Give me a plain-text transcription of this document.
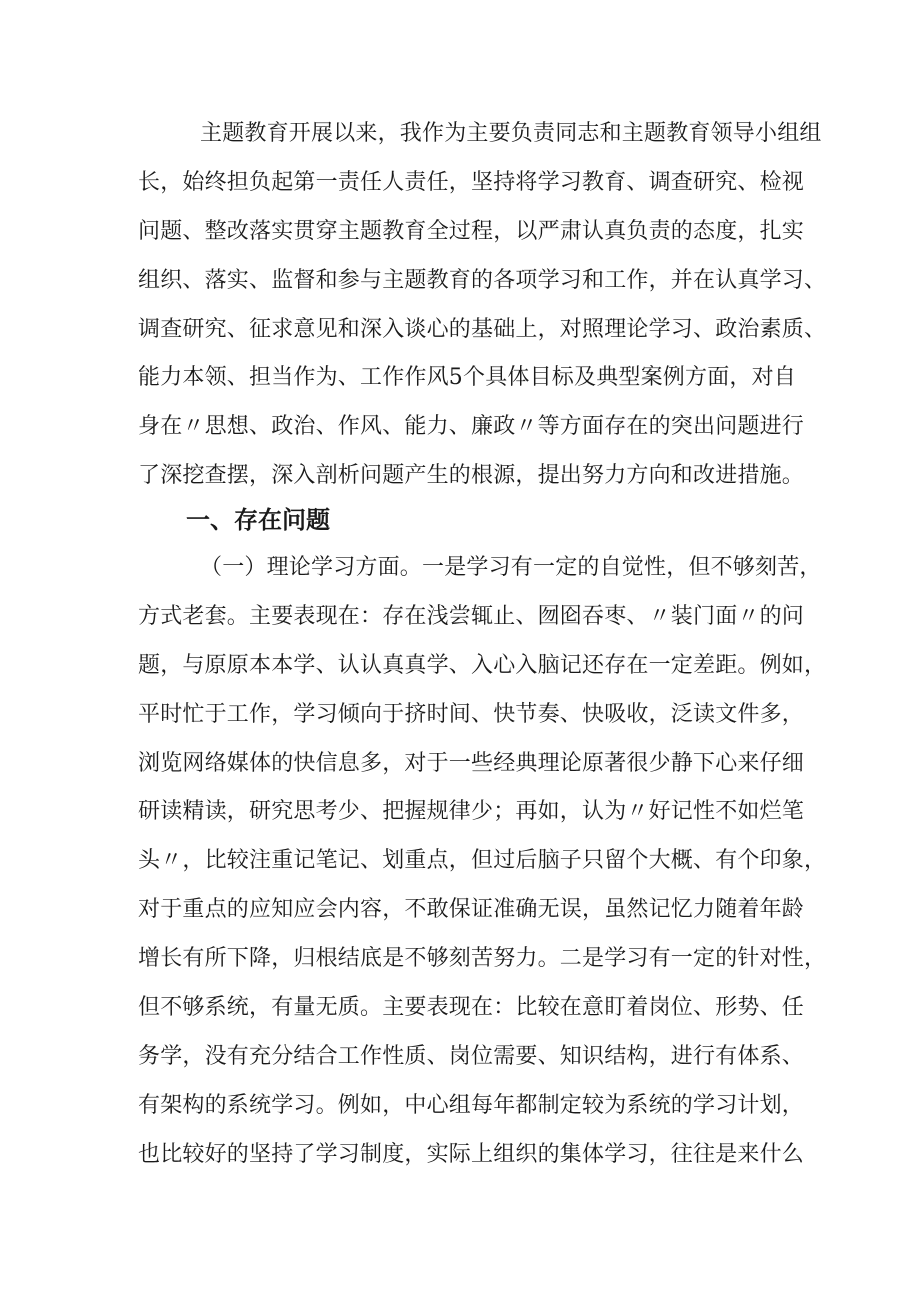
主题教育开展以来，我作为主要负责同志和主题教育领导小组组
长，始终担负起第一责任人责任，坚持将学习教育、调查研究、检视
问题、整改落实贯穿主题教育全过程，以严肃认真负责的态度，扎实
组织、落实、监督和参与主题教育的各项学习和工作，并在认真学习、
调查研究、征求意见和深入谈心的基础上，对照理论学习、政治素质、
能力本领、担当作为、工作作风5个具体目标及典型案例方面，对自
身在〃思想、政治、作风、能力、廉政〃等方面存在的突出问题进行
了深挖查摆，深入剖析问题产生的根源，提出努力方向和改进措施。
一、存在问题
（一）理论学习方面。一是学习有一定的自觉性，但不够刻苦，
方式老套。主要表现在：存在浅尝辄止、囫囵吞枣、〃装门面〃的问
题，与原原本本学、认认真真学、入心入脑记还存在一定差距。例如，
平时忙于工作，学习倾向于挤时间、快节奏、快吸收，泛读文件多，
浏览网络媒体的快信息多，对于一些经典理论原著很少静下心来仔细
研读精读，研究思考少、把握规律少；再如，认为〃好记性不如烂笔
头〃，比较注重记笔记、划重点，但过后脑子只留个大概、有个印象，
对于重点的应知应会内容，不敢保证准确无误，虽然记忆力随着年龄
增长有所下降，归根结底是不够刻苦努力。二是学习有一定的针对性，
但不够系统，有量无质。主要表现在：比较在意盯着岗位、形势、任
务学，没有充分结合工作性质、岗位需要、知识结构，进行有体系、
有架构的系统学习。例如，中心组每年都制定较为系统的学习计划，
也比较好的坚持了学习制度，实际上组织的集体学习，往往是来什么
